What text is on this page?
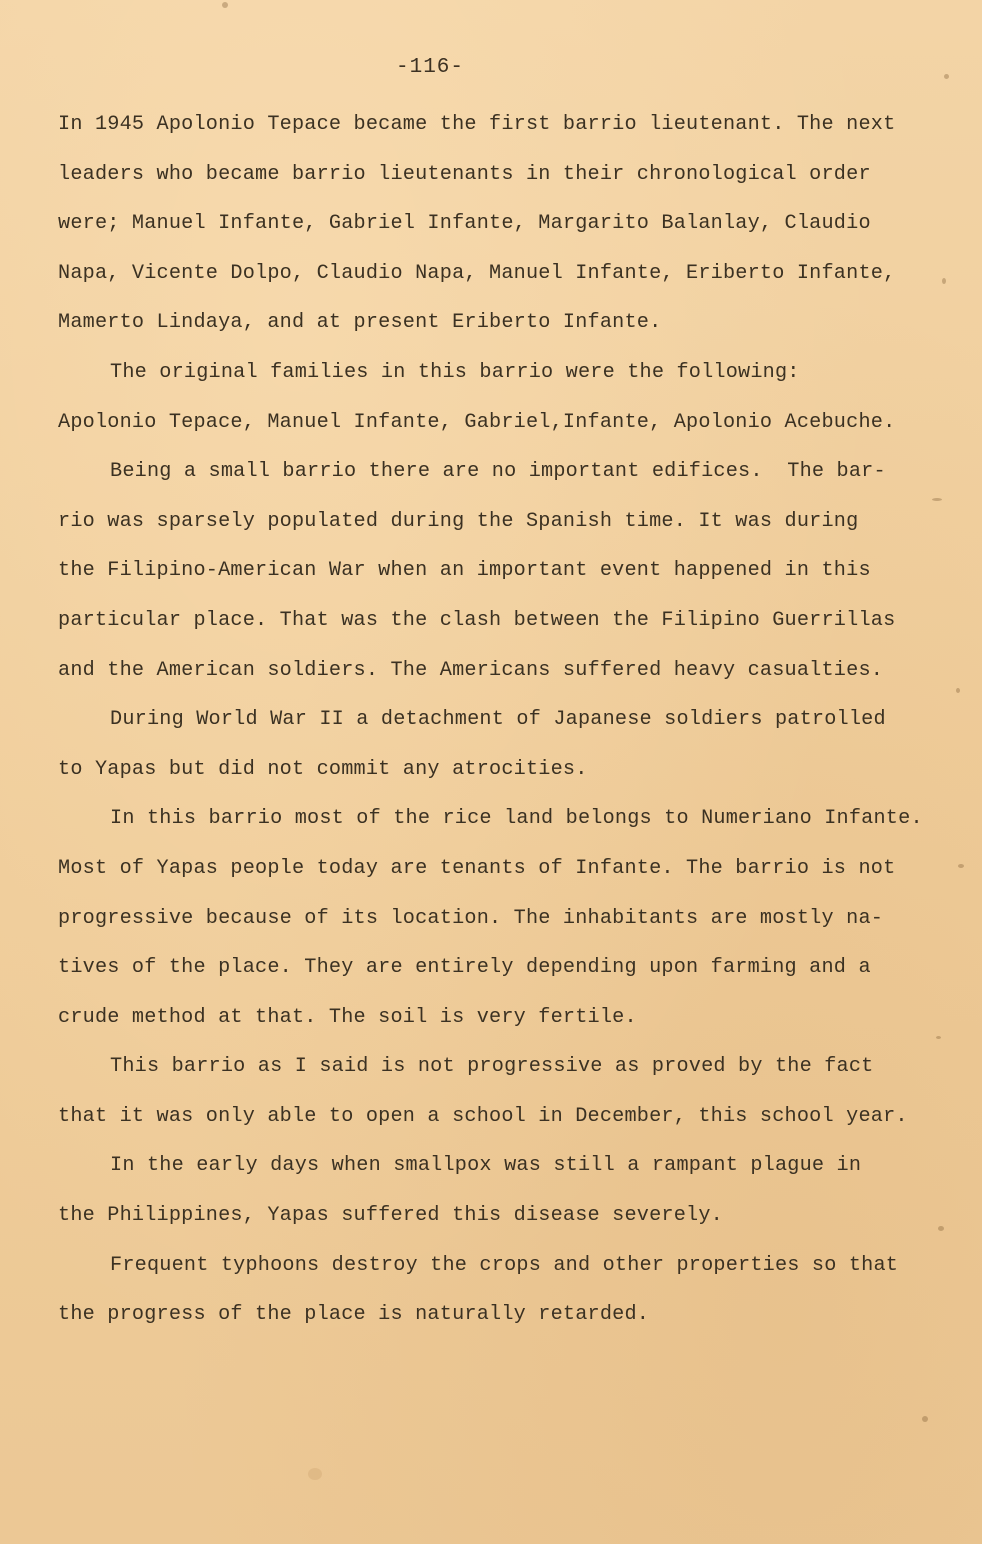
-116-
In 1945 Apolonio Tepace became the first barrio lieutenant. The next
leaders who became barrio lieutenants in their chronological order
were; Manuel Infante, Gabriel Infante, Margarito Balanlay, Claudio
Napa, Vicente Dolpo, Claudio Napa, Manuel Infante, Eriberto Infante,
Mamerto Lindaya, and at present Eriberto Infante.
The original families in this barrio were the following:
Apolonio Tepace, Manuel Infante, Gabriel,Infante, Apolonio Acebuche.
Being a small barrio there are no important edifices.  The bar-
rio was sparsely populated during the Spanish time. It was during
the Filipino-American War when an important event happened in this
particular place. That was the clash between the Filipino Guerrillas
and the American soldiers. The Americans suffered heavy casualties.
During World War II a detachment of Japanese soldiers patrolled
to Yapas but did not commit any atrocities.
In this barrio most of the rice land belongs to Numeriano Infante.
Most of Yapas people today are tenants of Infante. The barrio is not
progressive because of its location. The inhabitants are mostly na-
tives of the place. They are entirely depending upon farming and a
crude method at that. The soil is very fertile.
This barrio as I said is not progressive as proved by the fact
that it was only able to open a school in December, this school year.
In the early days when smallpox was still a rampant plague in
the Philippines, Yapas suffered this disease severely.
Frequent typhoons destroy the crops and other properties so that
the progress of the place is naturally retarded.
